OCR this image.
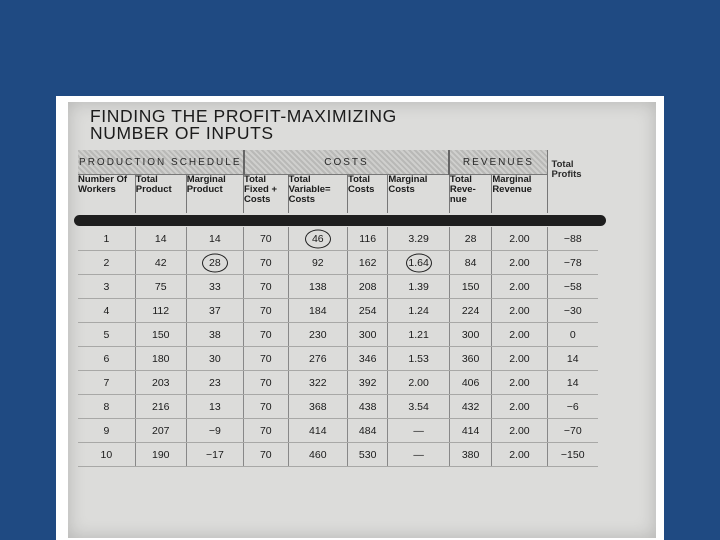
FINDING THE PROFIT-MAXIMIZING
NUMBER OF INPUTS
PRODUCTION SCHEDULE			COSTS				REVENUES		Total Profits
Number Of Workers	Total Product	Marginal Product	Total Fixed + Costs	Total Variable= Costs	Total Costs	Marginal Costs	Total Reve-nue	Marginal Revenue	

1	14	14	70	46	116	3.29	28	2.00	−88
2	42	28	70	92	162	1.64	84	2.00	−78
3	75	33	70	138	208	1.39	150	2.00	−58
4	112	37	70	184	254	1.24	224	2.00	−30
5	150	38	70	230	300	1.21	300	2.00	0
6	180	30	70	276	346	1.53	360	2.00	14
7	203	23	70	322	392	2.00	406	2.00	14
8	216	13	70	368	438	3.54	432	2.00	−6
9	207	−9	70	414	484	—	414	2.00	−70
10	190	−17	70	460	530	—	380	2.00	−150
